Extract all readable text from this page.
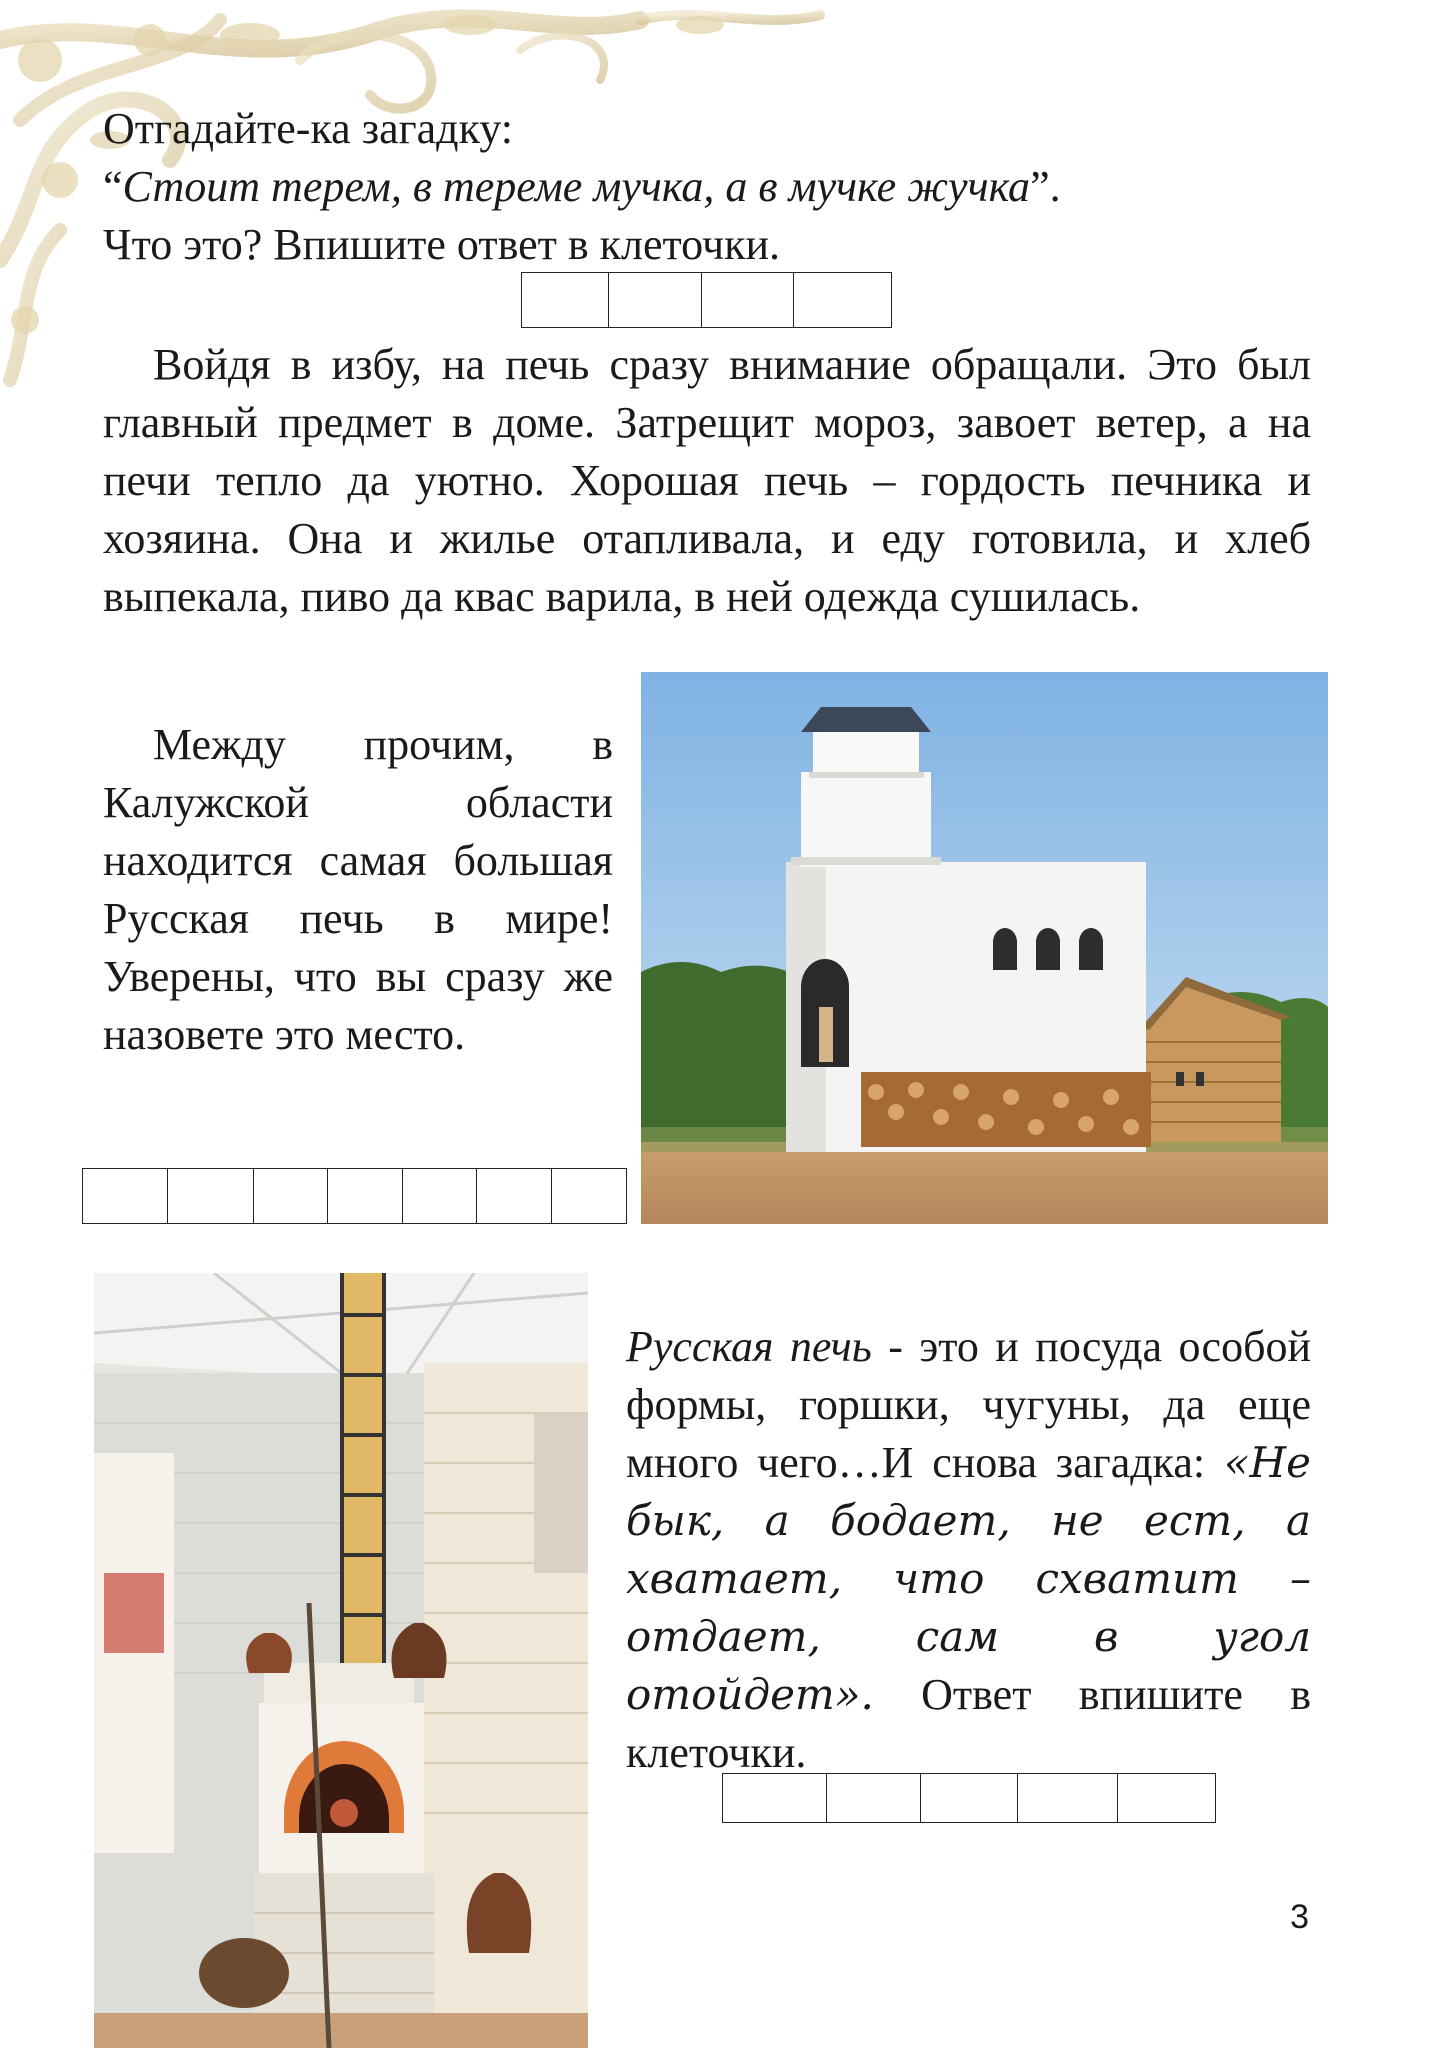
Отгадайте-ка загадку:
“Стоит терем, в тереме мучка, а в мучке жучка”.
Что это? Впишите ответ в клеточки.
Войдя в избу, на печь сразу внимание обращали. Это был главный предмет в доме. Затрещит мороз, завоет ветер, а на печи тепло да уютно. Хорошая печь – гордость печника и хозяина. Она и жилье отапливала, и еду готовила, и хлеб выпекала, пиво да квас варила, в ней одежда сушилась.
Между прочим, в Калужской области находится самая большая Русская печь в мире! Уверены, что вы сразу же назовете это место.
Русская печь - это и посуда особой формы, горшки, чугуны, да еще много чего…И снова загадка: «Не бык, а бодает, не ест, а хватает, что схватит – отдает, сам в угол отойдет». Ответ впишите в клеточки.
3
